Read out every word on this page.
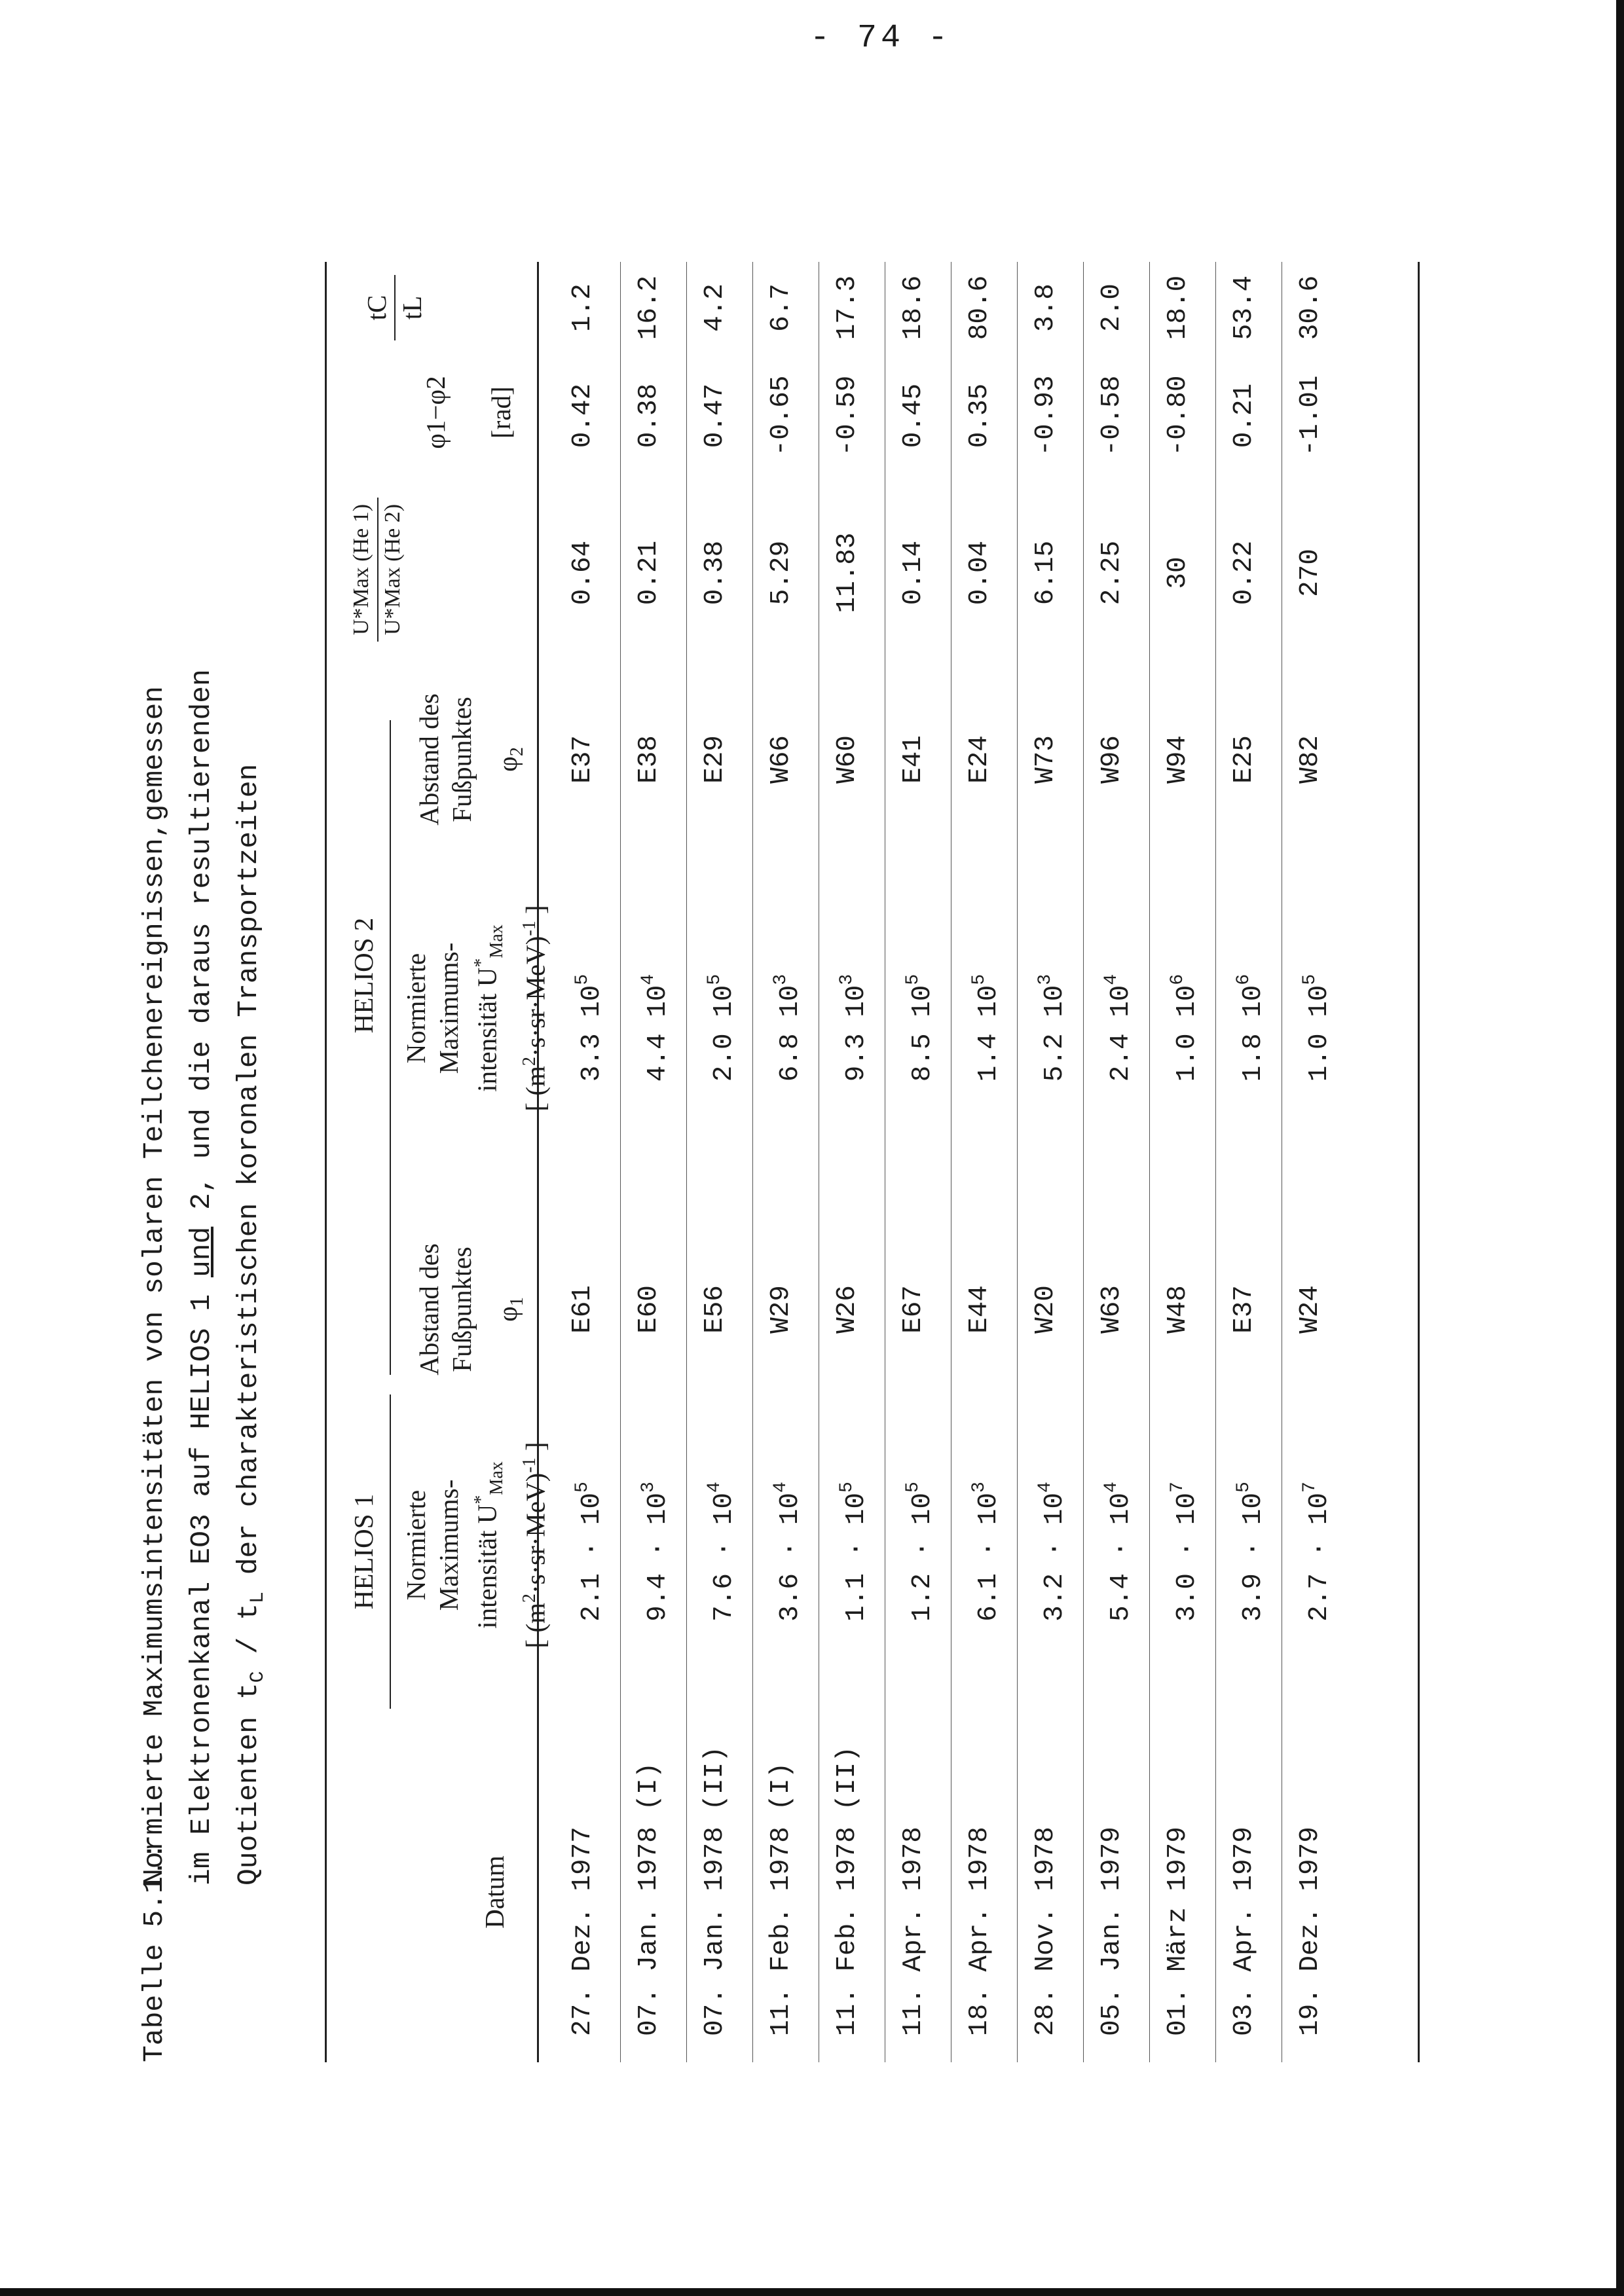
- 74 -
Tabelle 5.1.:
Normierte Maximumsintensitäten von solaren Teilchenereignissen,gemessen im Elektronenkanal EO3 auf HELIOS 1 und 2, und die daraus resultierenden
Quotienten $t_C / t_L$ der charakteristischen koronalen Transportzeiten
Datum
HELIOS 1
HELIOS 2
Normierte Maximums- intensität $U^*_{Max}$
[ $(m^2\cdot s\cdot sr\cdot MeV)^{-1}$ ]
Abstand des Fußpunktes $\varphi_1$
Normierte Maximums- intensität $U^*_{Max}$
[ $(m^2\cdot s\cdot sr\cdot MeV)^{-1}$ ]
Abstand des Fußpunktes $\varphi_2$
U*Max (He 1) U*Max (He 2)
φ1−φ2 [rad]
tC tL
27. Dez. 1977
$2.1 \cdot 10^5$
E61
3.3 $10^5$
E37
0.64
0.42
1.2
07. Jan. 1978 (I)
$9.4 \cdot 10^3$
E60
4.4 $10^4$
E38
0.21
0.38
16.2
07. Jan. 1978 (II)
$7.6 \cdot 10^4$
E56
2.0 $10^5$
E29
0.38
0.47
4.2
11. Feb. 1978 (I)
$3.6 \cdot 10^4$
W29
6.8 $10^3$
W66
5.29
-0.65
6.7
11. Feb. 1978 (II)
$1.1 \cdot 10^5$
W26
9.3 $10^3$
W60
11.83
-0.59
17.3
11. Apr. 1978
$1.2 \cdot 10^5$
E67
8.5 $10^5$
E41
0.14
0.45
18.6
18. Apr. 1978
$6.1 \cdot 10^3$
E44
1.4 $10^5$
E24
0.04
0.35
80.6
28. Nov. 1978
$3.2 \cdot 10^4$
W20
5.2 $10^3$
W73
6.15
-0.93
3.8
05. Jan. 1979
$5.4 \cdot 10^4$
W63
2.4 $10^4$
W96
2.25
-0.58
2.0
01. März 1979
$3.0 \cdot 10^7$
W48
1.0 $10^6$
W94
30
-0.80
18.0
03. Apr. 1979
$3.9 \cdot 10^5$
E37
1.8 $10^6$
E25
0.22
0.21
53.4
19. Dez. 1979
$2.7 \cdot 10^7$
W24
1.0 $10^5$
W82
270
-1.01
30.6
